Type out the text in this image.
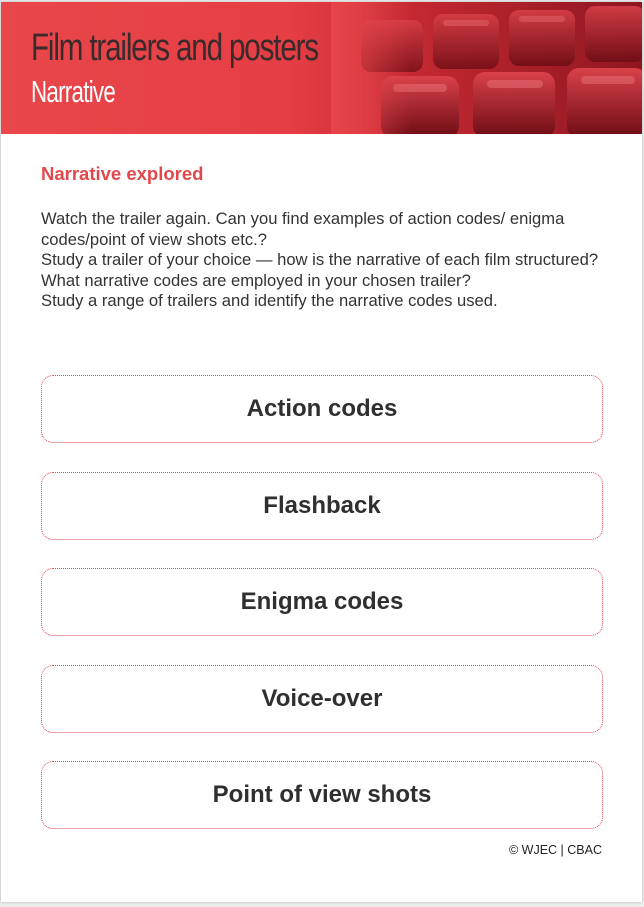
Film trailers and posters
Narrative
Narrative explored

Watch the trailer again. Can you find examples of action codes/ enigma codes/point of view shots etc.?

Study a trailer of your choice — how is the narrative of each film structured?

What narrative codes are employed in your chosen trailer?

Study a range of trailers and identify the narrative codes used.

Action codes
Flashback
Enigma codes
Voice-over
Point of view shots
© WJEC | CBAC
